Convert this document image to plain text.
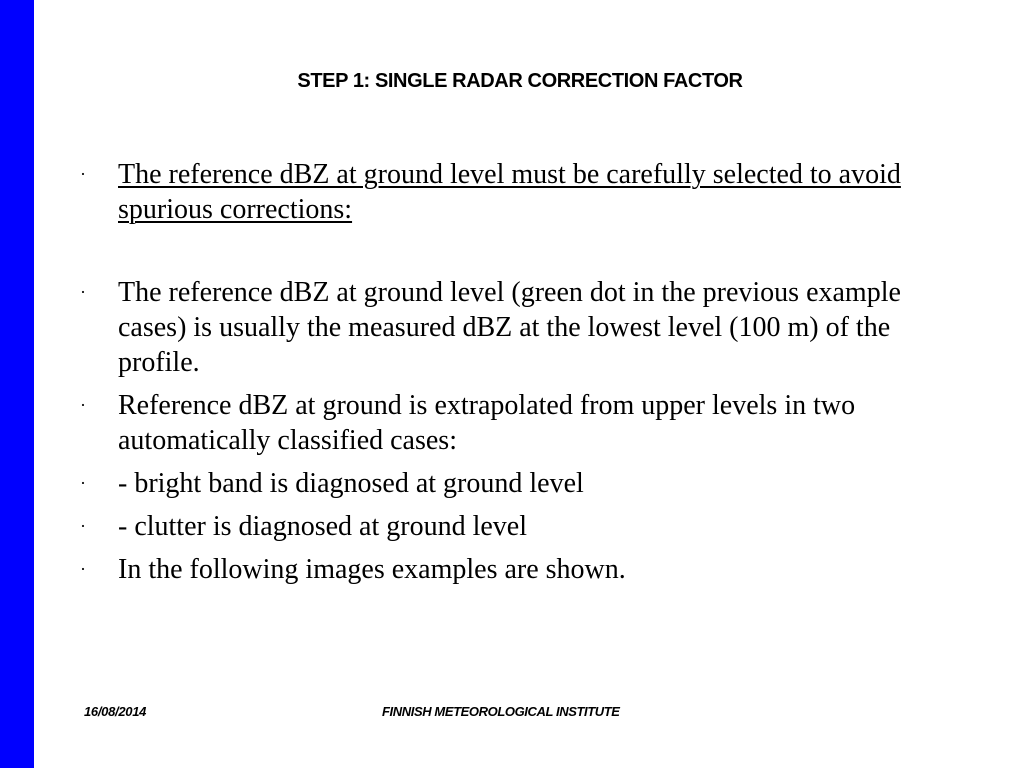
STEP 1: SINGLE RADAR CORRECTION FACTOR
· The reference dBZ at ground level must be carefully selected to avoid spurious corrections:
· The reference dBZ at ground level (green dot in the previous example cases) is usually the measured dBZ at the lowest level (100 m) of the profile.
· Reference dBZ at ground is extrapolated from upper levels in two automatically classified cases:
· - bright band is diagnosed at ground level
· - clutter is diagnosed at ground level
· In the following images examples are shown.
16/08/2014	FINNISH METEOROLOGICAL INSTITUTE
